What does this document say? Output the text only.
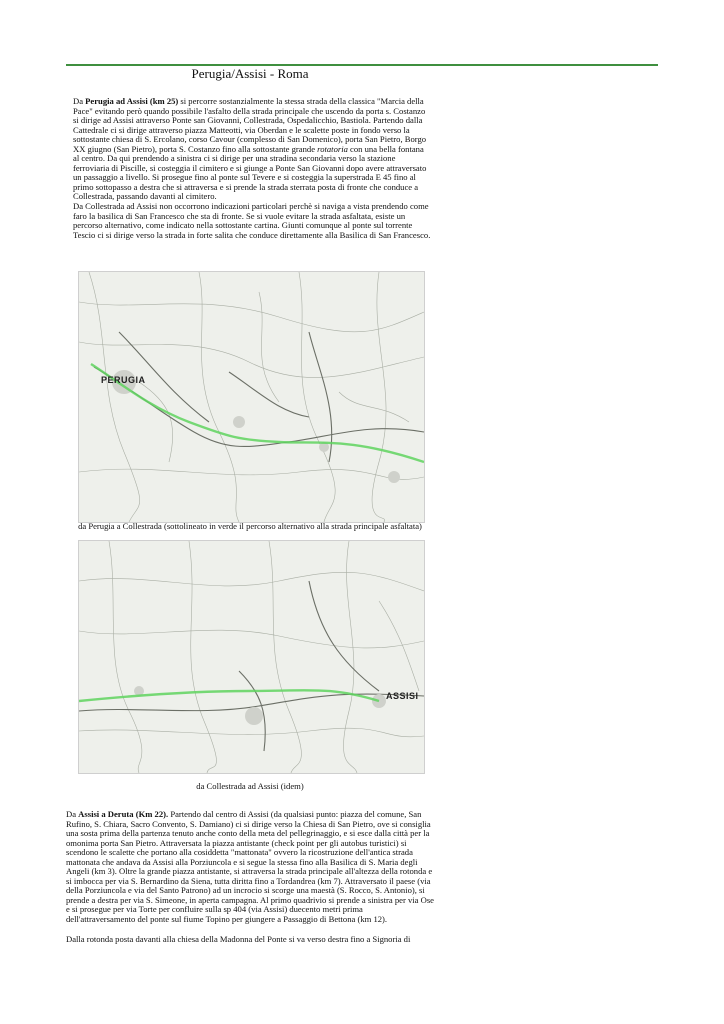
Perugia/Assisi - Roma
Da Perugia ad Assisi (km 25) si percorre sostanzialmente la stessa strada della classica "Marcia della Pace" evitando però quando possibile l'asfalto della strada principale che uscendo da porta s. Costanzo si dirige ad Assisi attraverso Ponte san Giovanni, Collestrada, Ospedalicchio, Bastiola. Partendo dalla Cattedrale ci si dirige attraverso piazza Matteotti, via Oberdan e le scalette poste in fondo verso la sottostante chiesa di S. Ercolano, corso Cavour (complesso di San Domenico), porta San Pietro, Borgo XX giugno (San Pietro), porta S. Costanzo fino alla sottostante grande rotatoria con una bella fontana al centro. Da qui prendendo a sinistra ci si dirige per una stradina secondaria verso la stazione ferroviaria di Piscille, si costeggia il cimitero e si giunge a Ponte San Giovanni dopo avere attraversato un passaggio a livello. Si prosegue fino al ponte sul Tevere e si costeggia la superstrada E 45 fino al primo sottopasso a destra che si attraversa e si prende la strada sterrata posta di fronte che conduce a Collestrada, passando davanti al cimitero.
Da Collestrada ad Assisi non occorrono indicazioni particolari perchè si naviga a vista prendendo come faro la basilica di San Francesco che sta di fronte. Se si vuole evitare la strada asfaltata, esiste un percorso alternativo, come indicato nella sottostante cartina. Giunti comunque al ponte sul torrente Tescio ci si dirige verso la strada in forte salita che conduce direttamente alla Basilica di San Francesco.
PERUGIA
da Perugia a Collestrada (sottolineato in verde il percorso alternativo alla strada principale asfaltata)
ASSISI
da Collestrada ad Assisi (idem)
Da Assisi a Deruta (Km 22). Partendo dal centro di Assisi (da qualsiasi punto: piazza del comune, San Rufino, S. Chiara, Sacro Convento, S. Damiano) ci si dirige verso la Chiesa di San Pietro, ove si consiglia una sosta prima della partenza tenuto anche conto della meta del pellegrinaggio, e si esce dalla città per la omonima porta San Pietro. Attraversata la piazza antistante (check point per gli autobus turistici) si scendono le scalette che portano alla cosiddetta "mattonata" ovvero la ricostruzione dell'antica strada mattonata che andava da Assisi alla Porziuncola e si segue la stessa fino alla Basilica di S. Maria degli Angeli (km 3). Oltre la grande piazza antistante, si attraversa la strada principale all'altezza della rotonda e si imbocca per via S. Bernardino da Siena, tutta diritta fino a Tordandrea (km 7). Attraversato il paese (via della Porziuncola e via del Santo Patrono) ad un incrocio si scorge una maestà (S. Rocco, S. Antonio), si prende a destra per via S. Simeone, in aperta campagna. Al primo quadrivio si prende a sinistra per via Ose e si prosegue per via Torte per confluire sulla sp 404 (via Assisi) duecento metri prima dell'attraversamento del ponte sul fiume Topino per giungere a Passaggio di Bettona (km 12).
Dalla rotonda posta davanti alla chiesa della Madonna del Ponte si va verso destra fino a Signoria di
